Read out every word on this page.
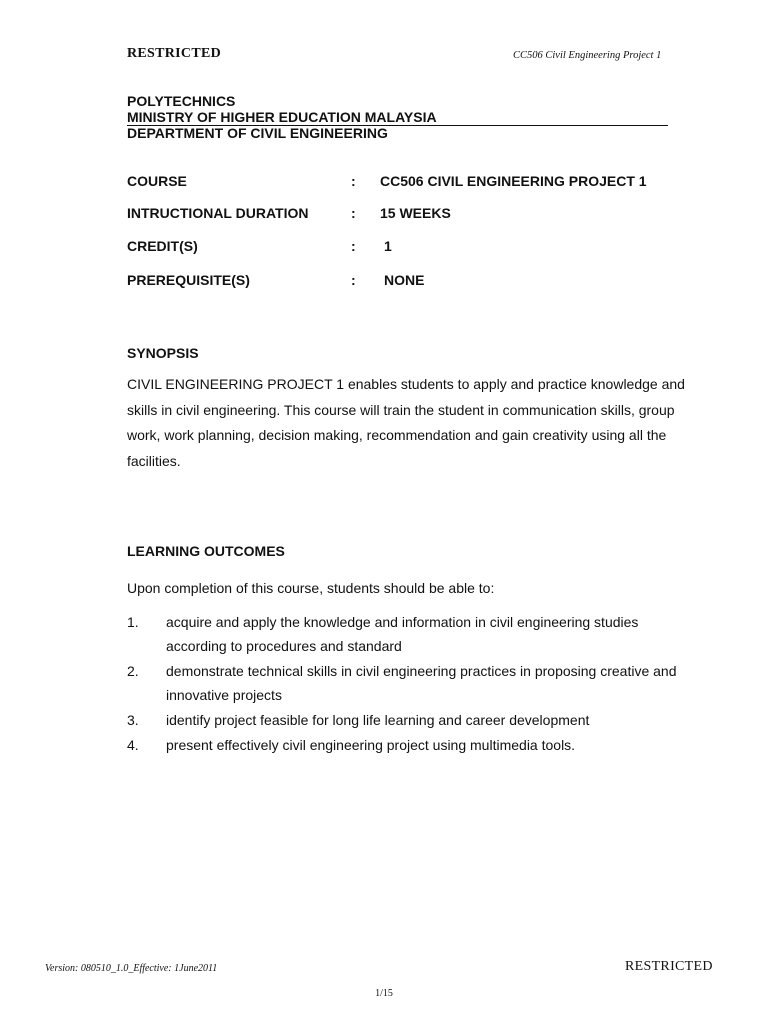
RESTRICTED	CC506 Civil Engineering Project 1
POLYTECHNICS
MINISTRY OF HIGHER EDUCATION MALAYSIA
DEPARTMENT OF CIVIL ENGINEERING
COURSE	: CC506 CIVIL ENGINEERING PROJECT 1
INTRUCTIONAL DURATION	: 15 WEEKS
CREDIT(S)	: 1
PREREQUISITE(S)	: NONE
SYNOPSIS
CIVIL ENGINEERING PROJECT 1 enables students to apply and practice knowledge and
skills in civil engineering. This course will train the student in communication skills, group
work, work planning, decision making, recommendation and gain creativity using all the
facilities.
LEARNING OUTCOMES
Upon completion of this course, students should be able to:
1. acquire and apply the knowledge and information in civil engineering studies
according to procedures and standard
2. demonstrate technical skills in civil engineering practices in proposing creative and
innovative projects
3. identify project feasible for long life learning and career development
4. present effectively civil engineering project using multimedia tools.
Version: 080510_1.0_Effective: 1June2011	RESTRICTED
1/15
